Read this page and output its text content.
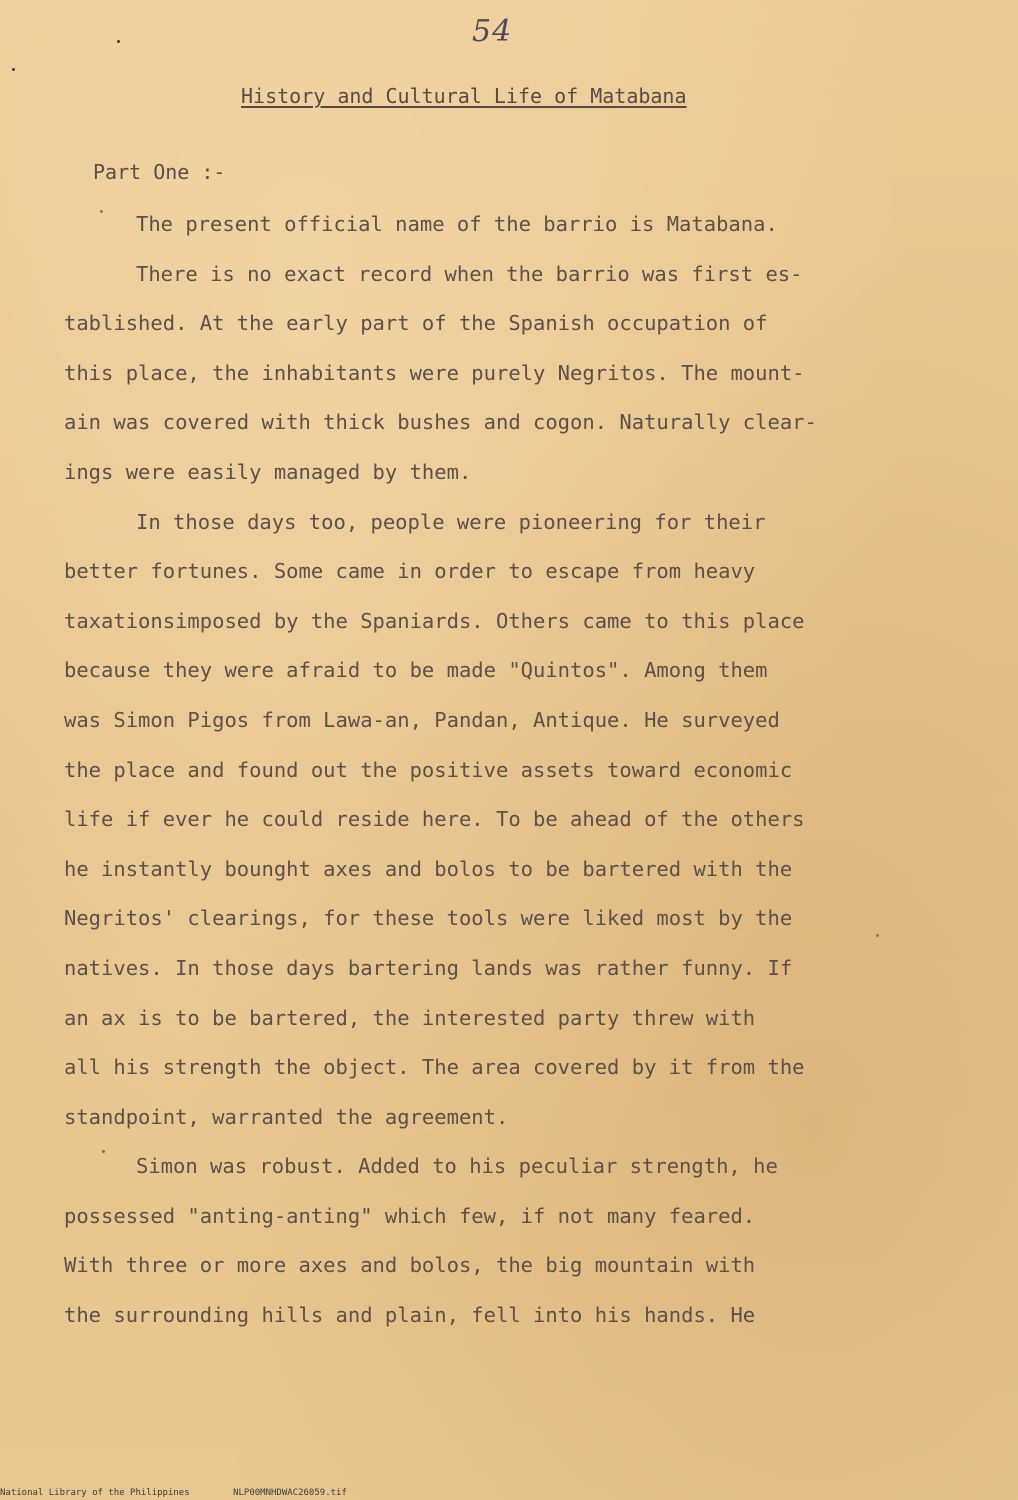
54
History and Cultural Life of Matabana
Part One :-
The present official name of the barrio is Matabana.
There is no exact record when the barrio was first es-
tablished. At the early part of the Spanish occupation of
this place, the inhabitants were purely Negritos. The mount-
ain was covered with thick bushes and cogon. Naturally clear-
ings were easily managed by them.
In those days too, people were pioneering for their
better fortunes. Some came in order to escape from heavy
taxationsimposed by the Spaniards. Others came to this place
because they were afraid to be made "Quintos". Among them
was Simon Pigos from Lawa-an, Pandan, Antique. He surveyed
the place and found out the positive assets toward economic
life if ever he could reside here. To be ahead of the others
he instantly bounght axes and bolos to be bartered with the
Negritos' clearings, for these tools were liked most by the
natives. In those days bartering lands was rather funny. If
an ax is to be bartered, the interested party threw with
all his strength the object. The area covered by it from the
standpoint, warranted the agreement.
Simon was robust. Added to his peculiar strength, he
possessed "anting-anting" which few, if not many feared.
With three or more axes and bolos, the big mountain with
the surrounding hills and plain, fell into his hands. He
National Library of the Philippines	NLP00MNHDWAC26059.tif
